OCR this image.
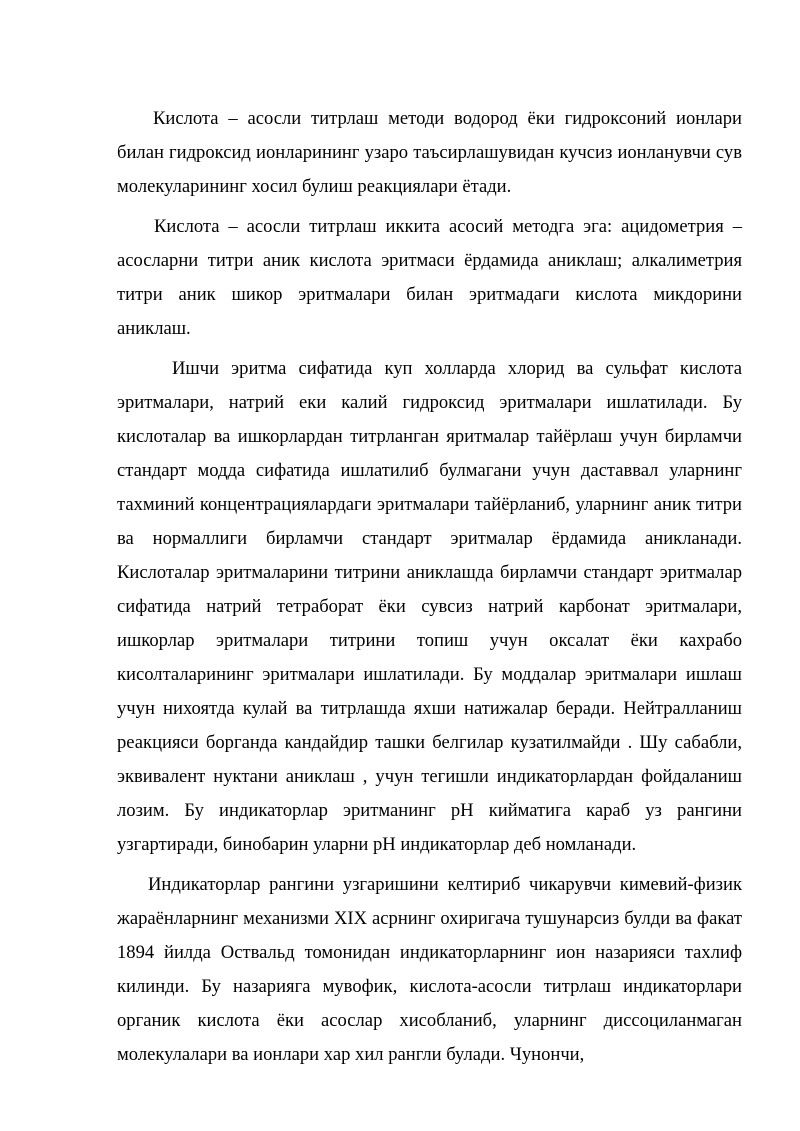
Кислота – асосли титрлаш методи водород ёки гидроксоний ионлари билан гидроксид ионларининг узаро таъсирлашувидан кучсиз ионланувчи сув молекуларининг хосил булиш реакциялари ётади.

Кислота – асосли титрлаш иккита асосий методга эга: ацидометрия – асосларни титри аник кислота эритмаси ёрдамида аниклаш; алкалиметрия титри аник шикор эритмалари билан эритмадаги кислота микдорини аниклаш.

Ишчи эритма сифатида куп холларда хлорид ва сульфат кислота эритмалари, натрий еки калий гидроксид эритмалари ишлатилади. Бу кислоталар ва ишкорлардан титрланган яритмалар тайёрлаш учун бирламчи стандарт модда сифатида ишлатилиб булмагани учун даставвал уларнинг тахминий концентрациялардаги эритмалари тайёрланиб, уларнинг аник титри ва нормаллиги бирламчи стандарт эритмалар ёрдамида аникланади. Кислоталар эритмаларини титрини аниклашда бирламчи стандарт эритмалар сифатида натрий тетраборат ёки сувсиз натрий карбонат эритмалари, ишкорлар эритмалари титрини топиш учун оксалат ёки кахрабо кисолталарининг эритмалари ишлатилади. Бу моддалар эритмалари ишлаш учун нихоятда кулай ва титрлашда яхши натижалар беради. Нейтралланиш реакцияси борганда кандайдир ташки белгилар кузатилмайди . Шу сабабли, эквивалент нуктани аниклаш , учун тегишли индикаторлардан фойдаланиш лозим. Бу индикаторлар эритманинг pH кийматига караб уз рангини узгартиради, бинобарин уларни pH индикаторлар деб номланади.

Индикаторлар рангини узгаришини келтириб чикарувчи кимевий-физик жараёнларнинг механизми XIX асрнинг охиригача тушунарсиз булди ва факат 1894 йилда Оствальд томонидан индикаторларнинг ион назарияси тахлиф килинди. Бу назарияга мувофик, кислота-асосли титрлаш индикаторлари органик кислота ёки асослар хисобланиб, уларнинг диссоциланмаган молекулалари ва ионлари хар хил рангли булади. Чунончи,
